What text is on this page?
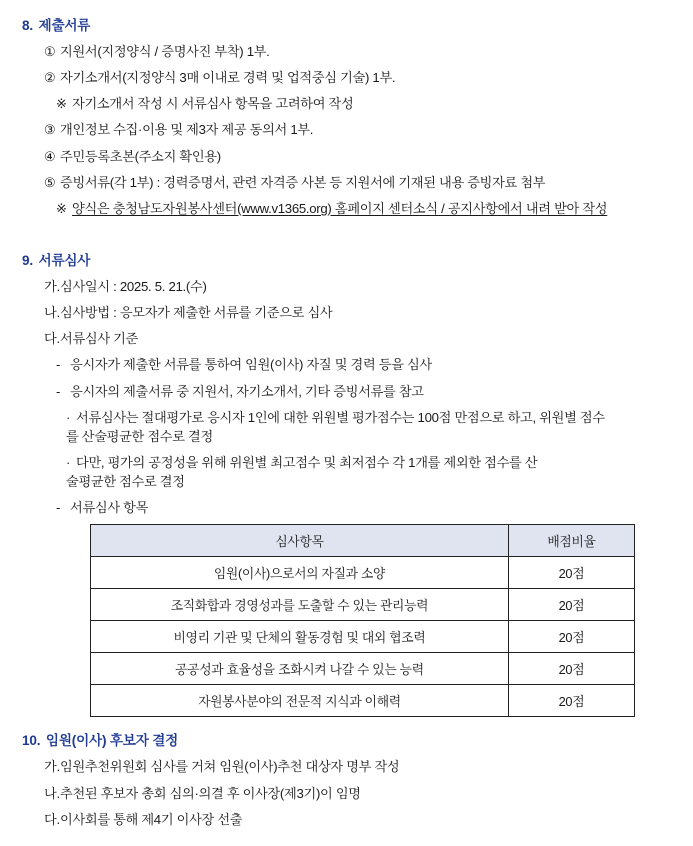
8. 제출서류
① 지원서(지정양식 / 증명사진 부착) 1부.
② 자기소개서(지정양식 3매 이내로 경력 및 업적중심 기술) 1부.
※ 자기소개서 작성 시 서류심사 항목을 고려하여 작성
③ 개인정보 수집·이용 및 제3자 제공 동의서 1부.
④ 주민등록초본(주소지 확인용)
⑤ 증빙서류(각 1부) : 경력증명서, 관련 자격증 사본 등 지원서에 기재된 내용 증빙자료 첨부
※ 양식은 충청남도자원봉사센터(www.v1365.org) 홈페이지 센터소식 / 공지사항에서 내려 받아 작성
9. 서류심사
가.심사일시 : 2025. 5. 21.(수)
나.심사방법 : 응모자가 제출한 서류를 기준으로 심사
다.서류심사 기준
- 응시자가 제출한 서류를 통하여 임원(이사) 자질 및 경력 등을 심사
- 응시자의 제출서류 중 지원서, 자기소개서, 기타 증빙서류를 참고
· 서류심사는 절대평가로 응시자 1인에 대한 위원별 평가점수는 100점 만점으로 하고, 위원별 점수를 산술평균한 점수로 결정
· 다만, 평가의 공정성을 위해 위원별 최고점수 및 최저점수 각 1개를 제외한 점수를 산술평균한 점수로 결정
- 서류심사 항목
심사항목	배점비율
임원(이사)으로서의 자질과 소양	20점
조직화합과 경영성과를 도출할 수 있는 관리능력	20점
비영리 기관 및 단체의 활동경험 및 대외 협조력	20점
공공성과 효율성을 조화시켜 나갈 수 있는 능력	20점
자원봉사분야의 전문적 지식과 이해력	20점
10. 임원(이사) 후보자 결정
가.임원추천위원회 심사를 거쳐 임원(이사)추천 대상자 명부 작성
나.추천된 후보자 총회 심의·의결 후 이사장(제3기)이 임명
다.이사회를 통해 제4기 이사장 선출
